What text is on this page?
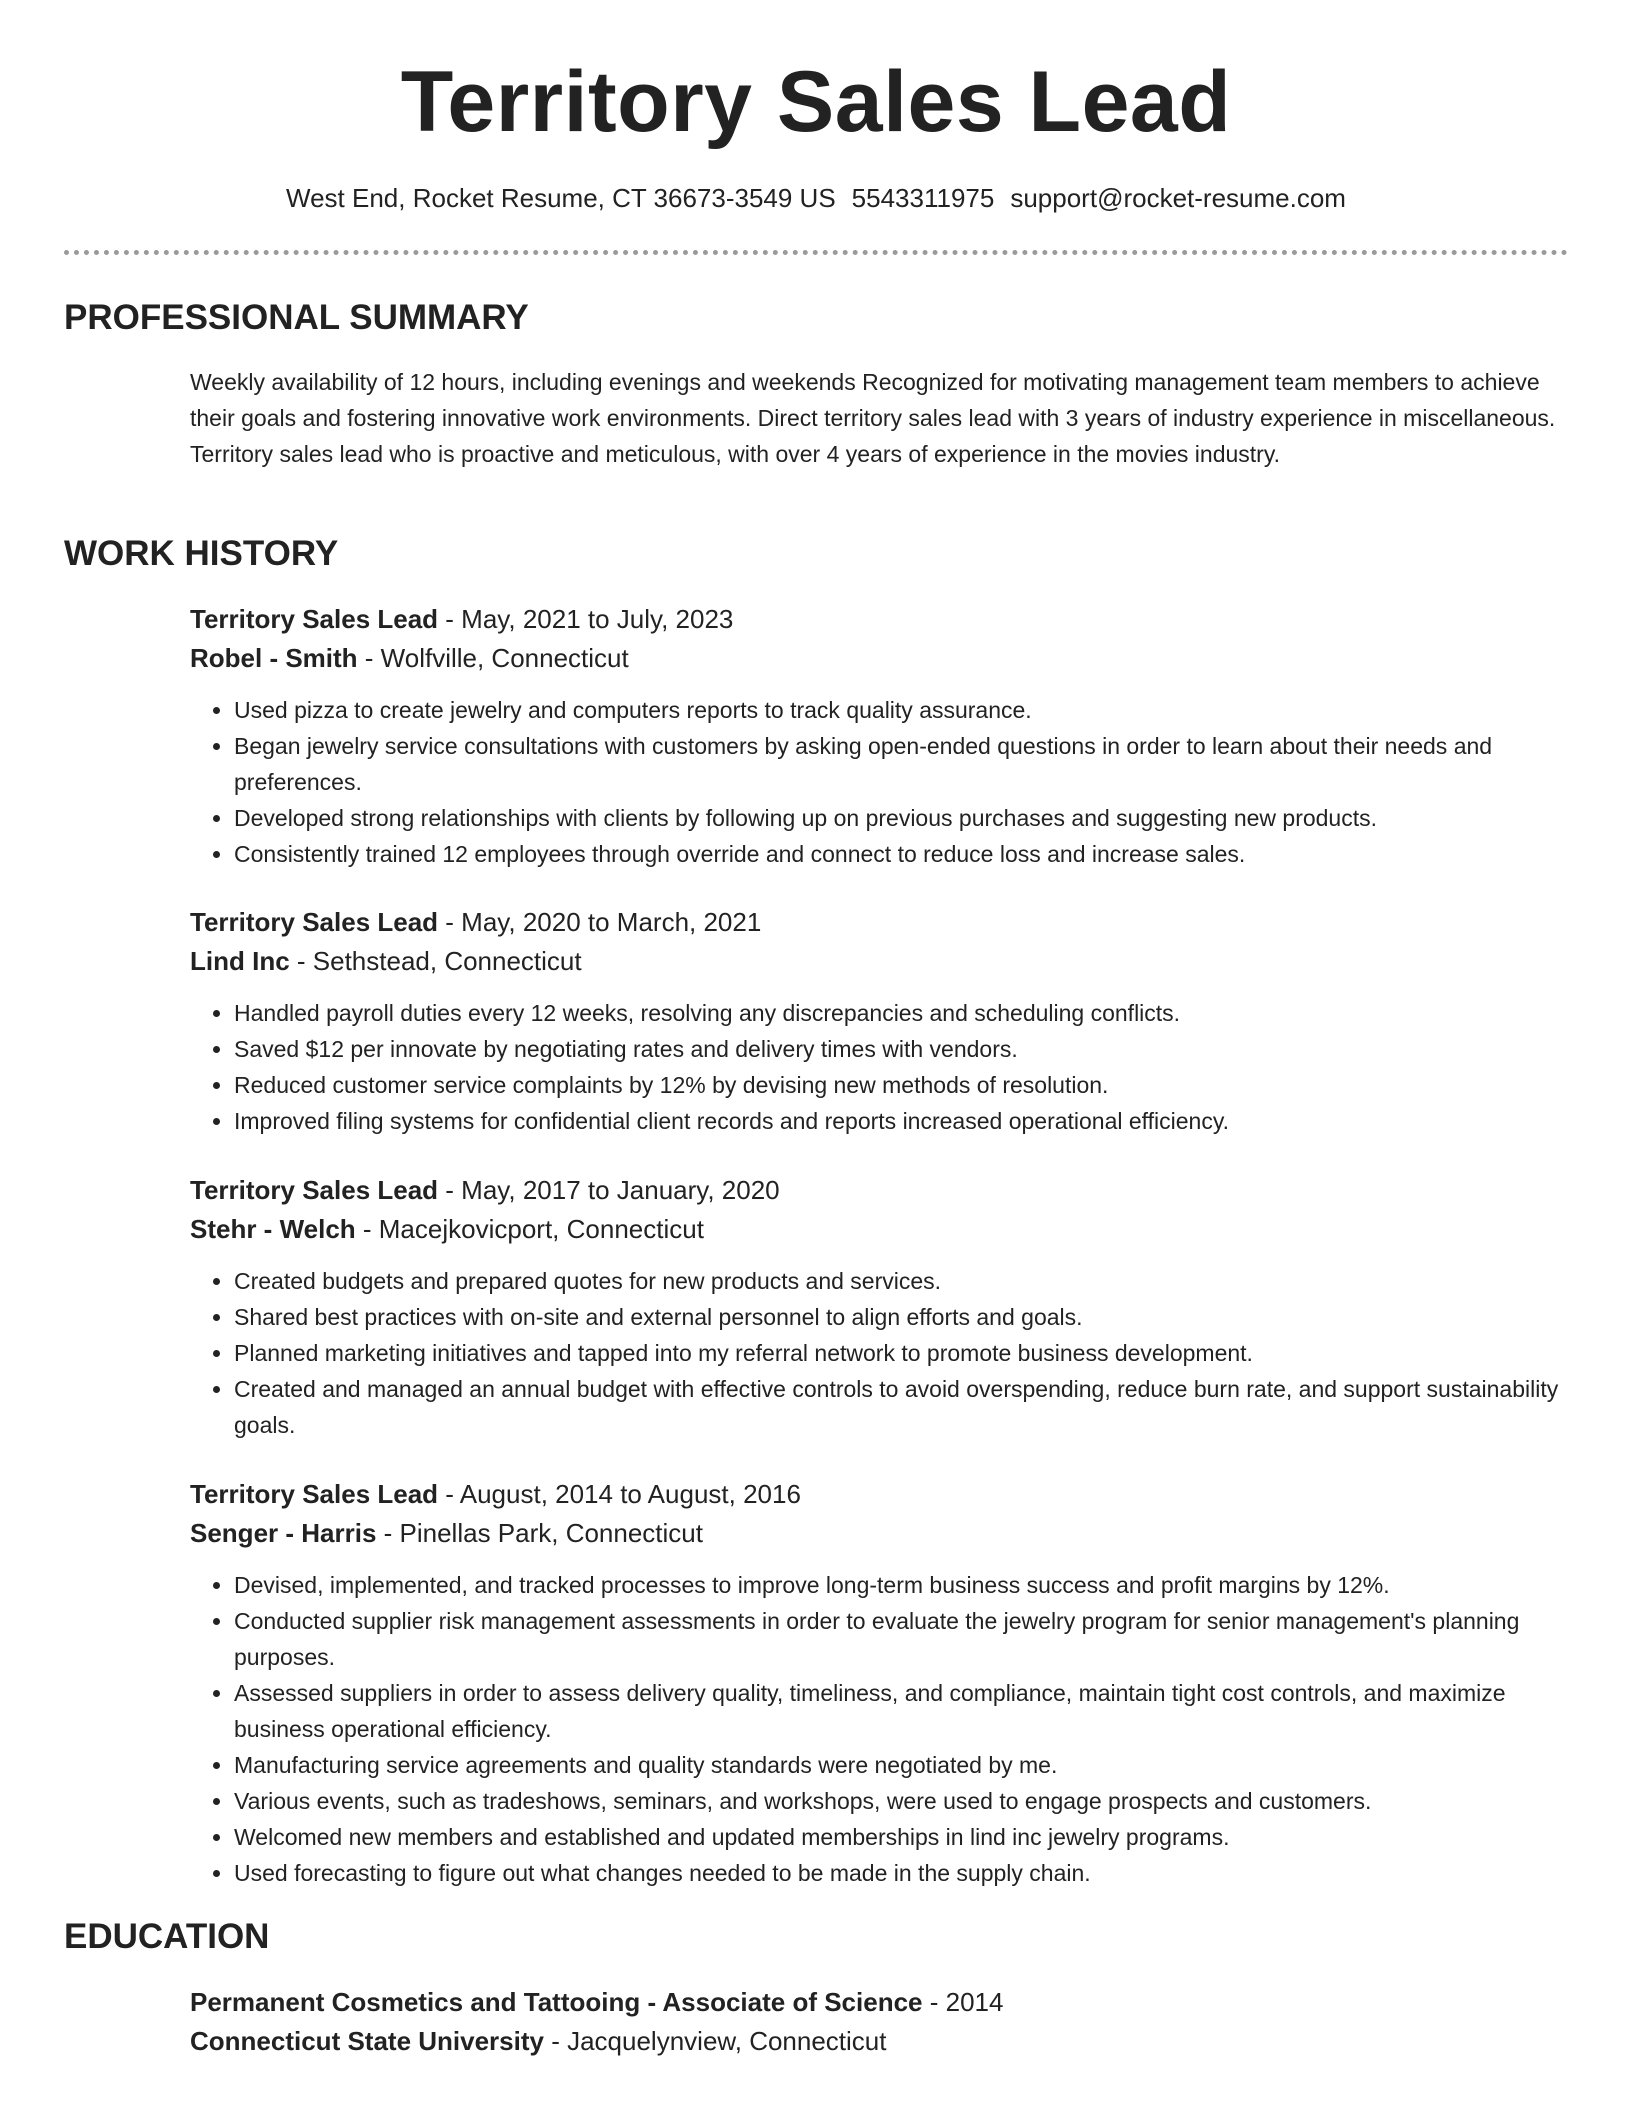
Territory Sales Lead
West End, Rocket Resume, CT 36673-3549 US 5543311975 support@rocket-resume.com
PROFESSIONAL SUMMARY

Weekly availability of 12 hours, including evenings and weekends Recognized for motivating management team members to achieve their goals and fostering innovative work environments. Direct territory sales lead with 3 years of industry experience in miscellaneous. Territory sales lead who is proactive and meticulous, with over 4 years of experience in the movies industry.

WORK HISTORY

Territory Sales Lead - May, 2021 to July, 2023

Robel - Smith - Wolfville, Connecticut

• Used pizza to create jewelry and computers reports to track quality assurance.
• Began jewelry service consultations with customers by asking open-ended questions in order to learn about their needs and preferences.
• Developed strong relationships with clients by following up on previous purchases and suggesting new products.
• Consistently trained 12 employees through override and connect to reduce loss and increase sales.

Territory Sales Lead - May, 2020 to March, 2021

Lind Inc - Sethstead, Connecticut

• Handled payroll duties every 12 weeks, resolving any discrepancies and scheduling conflicts.
• Saved $12 per innovate by negotiating rates and delivery times with vendors.
• Reduced customer service complaints by 12% by devising new methods of resolution.
• Improved filing systems for confidential client records and reports increased operational efficiency.

Territory Sales Lead - May, 2017 to January, 2020

Stehr - Welch - Macejkovicport, Connecticut

• Created budgets and prepared quotes for new products and services.
• Shared best practices with on-site and external personnel to align efforts and goals.
• Planned marketing initiatives and tapped into my referral network to promote business development.
• Created and managed an annual budget with effective controls to avoid overspending, reduce burn rate, and support sustainability goals.

Territory Sales Lead - August, 2014 to August, 2016

Senger - Harris - Pinellas Park, Connecticut

• Devised, implemented, and tracked processes to improve long-term business success and profit margins by 12%.
• Conducted supplier risk management assessments in order to evaluate the jewelry program for senior management's planning purposes.
• Assessed suppliers in order to assess delivery quality, timeliness, and compliance, maintain tight cost controls, and maximize business operational efficiency.
• Manufacturing service agreements and quality standards were negotiated by me.
• Various events, such as tradeshows, seminars, and workshops, were used to engage prospects and customers.
• Welcomed new members and established and updated memberships in lind inc jewelry programs.
• Used forecasting to figure out what changes needed to be made in the supply chain.
EDUCATION

Permanent Cosmetics and Tattooing - Associate of Science - 2014

Connecticut State University - Jacquelynview, Connecticut
